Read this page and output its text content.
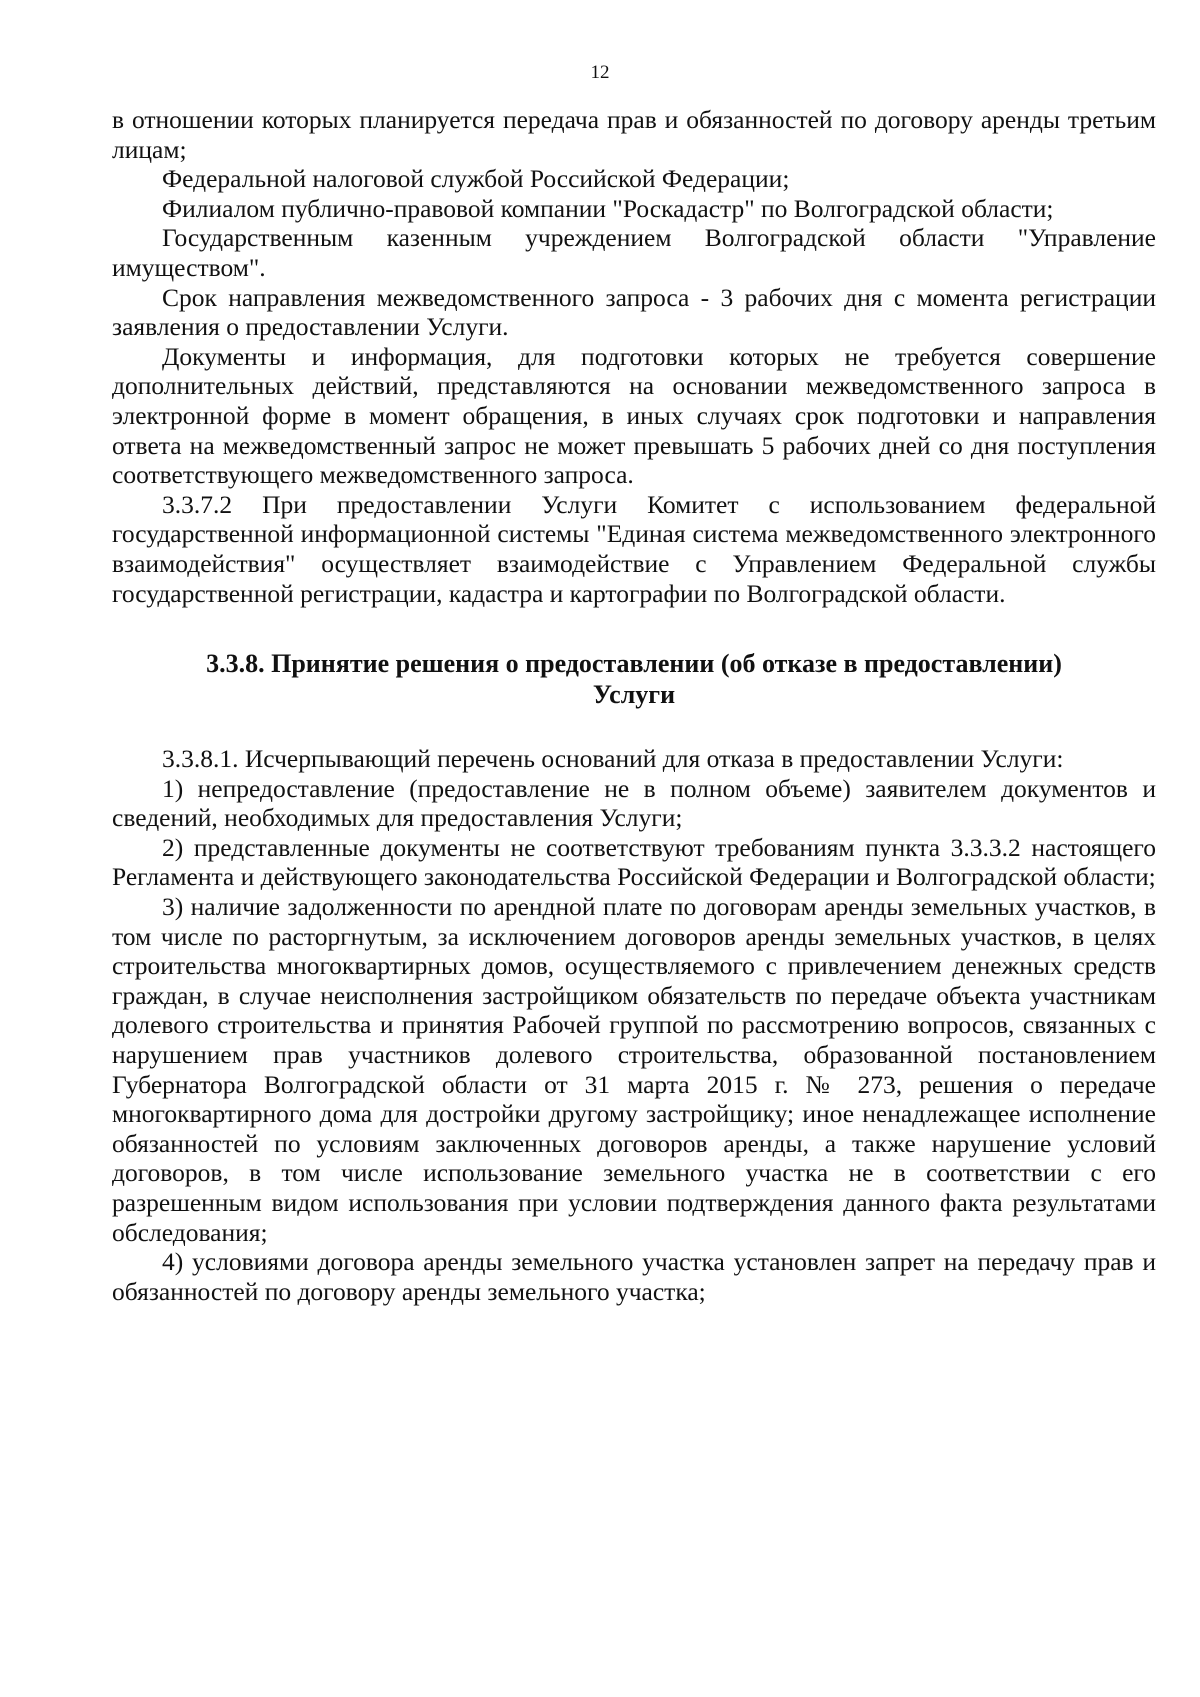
12

в отношении которых планируется передача прав и обязанностей по договору аренды третьим лицам;

Федеральной налоговой службой Российской Федерации;

Филиалом публично-правовой компании "Роскадастр" по Волгоградской области;

Государственным казенным учреждением Волгоградской области "Управление имуществом".

Срок направления межведомственного запроса - 3 рабочих дня с момента регистрации заявления о предоставлении Услуги.

Документы и информация, для подготовки которых не требуется совершение дополнительных действий, представляются на основании межведомственного запроса в электронной форме в момент обращения, в иных случаях срок подготовки и направления ответа на межведомственный запрос не может превышать 5 рабочих дней со дня поступления соответствующего межведомственного запроса.

3.3.7.2 При предоставлении Услуги Комитет с использованием федеральной государственной информационной системы "Единая система межведомственного электронного взаимодействия" осуществляет взаимодействие с Управлением Федеральной службы государственной регистрации, кадастра и картографии по Волгоградской области.

3.3.8. Принятие решения о предоставлении (об отказе в предоставлении)
Услуги

3.3.8.1. Исчерпывающий перечень оснований для отказа в предоставлении Услуги:

1) непредоставление (предоставление не в полном объеме) заявителем документов и сведений, необходимых для предоставления Услуги;

2) представленные документы не соответствуют требованиям пункта 3.3.3.2 настоящего Регламента и действующего законодательства Российской Федерации и Волгоградской области;

3) наличие задолженности по арендной плате по договорам аренды земельных участков, в том числе по расторгнутым, за исключением договоров аренды земельных участков, в целях строительства многоквартирных домов, осуществляемого с привлечением денежных средств граждан, в случае неисполнения застройщиком обязательств по передаче объекта участникам долевого строительства и принятия Рабочей группой по рассмотрению вопросов, связанных с нарушением прав участников долевого строительства, образованной постановлением Губернатора Волгоградской области от 31 марта 2015 г. № 273, решения о передаче многоквартирного дома для достройки другому застройщику; иное ненадлежащее исполнение обязанностей по условиям заключенных договоров аренды, а также нарушение условий договоров, в том числе использование земельного участка не в соответствии с его разрешенным видом использования при условии подтверждения данного факта результатами обследования;

4) условиями договора аренды земельного участка установлен запрет на передачу прав и обязанностей по договору аренды земельного участка;
